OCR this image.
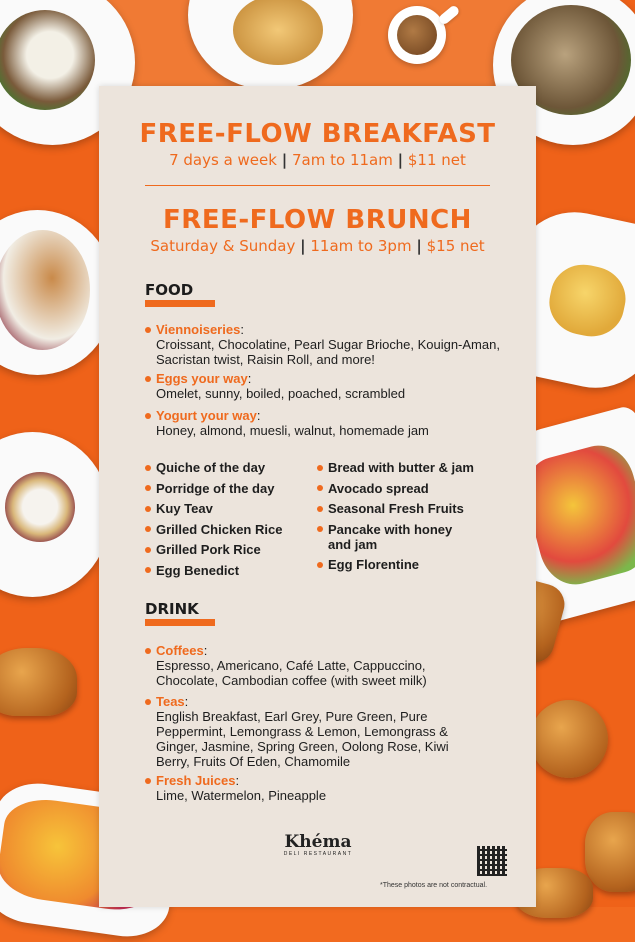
FREE-FLOW BREAKFAST
7 days a week | 7am to 11am | $11 net
FREE-FLOW BRUNCH
Saturday & Sunday | 11am to 3pm | $15 net
FOOD
Viennoiseries:
Croissant, Chocolatine, Pearl Sugar Brioche, Kouign-Aman, Sacristan twist, Raisin Roll, and more!
Eggs your way:
Omelet, sunny, boiled, poached, scrambled
Yogurt your way:
Honey, almond, muesli, walnut, homemade jam
Quiche of the day
Porridge of the day
Kuy Teav
Grilled Chicken Rice
Grilled Pork Rice
Egg Benedict
Bread with butter & jam
Avocado spread
Seasonal Fresh Fruits
Pancake with honey and jam
Egg Florentine
DRINK
Coffees:
Espresso, Americano, Café Latte, Cappuccino, Chocolate, Cambodian coffee (with sweet milk)
Teas:
English Breakfast, Earl Grey, Pure Green, Pure Peppermint, Lemongrass & Lemon, Lemongrass & Ginger, Jasmine, Spring Green, Oolong Rose, Kiwi Berry, Fruits Of Eden, Chamomile
Fresh Juices:
Lime, Watermelon, Pineapple
Khéma
DELI RESTAURANT
*These photos are not contractual.
